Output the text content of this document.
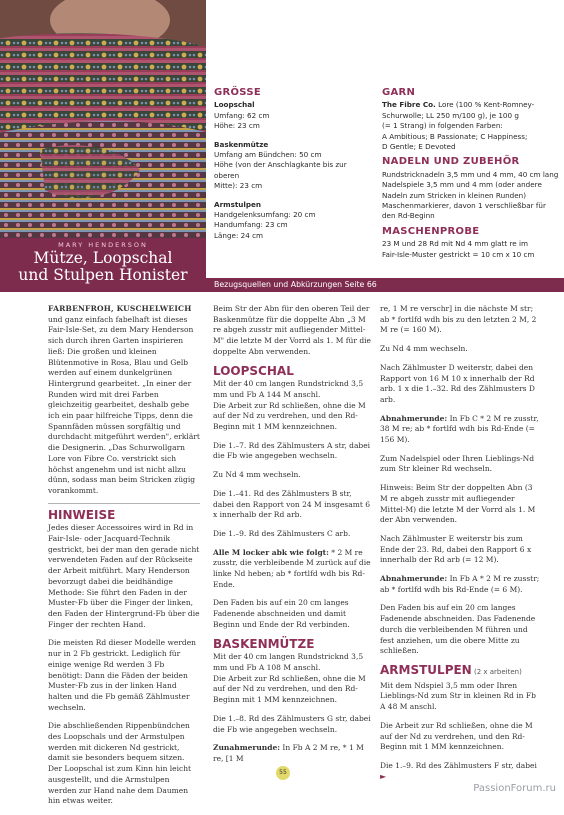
MARY HENDERSON
Mütze, Loopschal
und Stulpen Honister
GRÖSSE
Loopschal
Umfang: 62 cm
Höhe: 23 cm
Baskenmütze
Umfang am Bündchen: 50 cm
Höhe (von der Anschlagkante bis zur oberen
Mitte): 23 cm
Armstulpen
Handgelenksumfang: 20 cm
Handumfang: 23 cm
Länge: 24 cm
GARN
The Fibre Co. Lore (100 % Kent-Romney-
Schurwolle; LL 250 m/100 g), je 100 g
(= 1 Strang) in folgenden Farben:
A Ambitious; B Passionate; C Happiness;
D Gentle; E Devoted
NADELN UND ZUBEHÖR
Rundstricknadeln 3,5 mm und 4 mm, 40 cm lang
Nadelspiele 3,5 mm und 4 mm (oder andere
Nadeln zum Stricken in kleinen Runden)
Maschenmarkierer, davon 1 verschließbar für
den Rd-Beginn
MASCHENPROBE
23 M und 28 Rd mit Nd 4 mm glatt re im
Fair-Isle-Muster gestrickt = 10 cm x 10 cm
Bezugsquellen und Abkürzungen Seite 66
FARBENFROH, KUSCHELWEICH und ganz einfach fabelhaft ist dieses Fair-Isle-Set, zu dem Mary Henderson sich durch ihren Garten inspirieren ließ: Die großen und kleinen Blütenmotive in Rosa, Blau und Gelb werden auf einem dunkelgrünen Hintergrund gearbeitet. „In einer der Runden wird mit drei Farben gleichzeitig gearbeitet, deshalb gebe ich ein paar hilfreiche Tipps, denn die Spannfäden müssen sorgfältig und durchdacht mitgeführt werden", erklärt die Designerin. „Das Schurwollgarn Lore von Fibre Co. verstrickt sich höchst angenehm und ist nicht allzu dünn, sodass man beim Stricken zügig vorankommt.
HINWEISE
Jedes dieser Accessoires wird in Rd in Fair-Isle- oder Jacquard-Technik gestrickt, bei der man den gerade nicht verwendeten Faden auf der Rückseite der Arbeit mitführt. Mary Henderson bevorzugt dabei die beidhändige Methode: Sie führt den Faden in der Muster-Fb über die Finger der linken, den Faden der Hintergrund-Fb über die Finger der rechten Hand.
Die meisten Rd dieser Modelle werden nur in 2 Fb gestrickt. Lediglich für einige wenige Rd werden 3 Fb benötigt: Dann die Fäden der beiden Muster-Fb zus in der linken Hand halten und die Fb gemäß Zählmuster wechseln.
Die abschließenden Rippenbündchen des Loopschals und der Armstulpen werden mit dickeren Nd gestrickt, damit sie besonders bequem sitzen. Der Loopschal ist zum Kinn hin leicht ausgestellt, und die Armstulpen werden zur Hand nahe dem Daumen hin etwas weiter.
Beim Str der Abn für den oberen Teil der Baskenmütze für die doppelte Abn „3 M re abgeh zusstr mit aufliegender Mittel-M" die letzte M der Vorrd als 1. M für die doppelte Abn verwenden.
LOOPSCHAL
Mit der 40 cm langen Rundstricknd 3,5 mm und Fb A 144 M anschl.
Die Arbeit zur Rd schließen, ohne die M auf der Nd zu verdrehen, und den Rd-Beginn mit 1 MM kennzeichnen.
Die 1.–7. Rd des Zählmusters A str, dabei die Fb wie angegeben wechseln.
Zu Nd 4 mm wechseln.
Die 1.–41. Rd des Zählmusters B str, dabei den Rapport von 24 M insgesamt 6 x innerhalb der Rd arb.
Die 1.–9. Rd des Zählmusters C arb.
Alle M locker abk wie folgt: * 2 M re zusstr, die verbleibende M zurück auf die linke Nd heben; ab * fortlfd wdh bis Rd-Ende.
Den Faden bis auf ein 20 cm langes Fadenende abschneiden und damit Beginn und Ende der Rd verbinden.
BASKENMÜTZE
Mit der 40 cm langen Rundstricknd 3,5 mm und Fb A 108 M anschl.
Die Arbeit zur Rd schließen, ohne die M auf der Nd zu verdrehen, und den Rd-Beginn mit 1 MM kennzeichnen.
Die 1.–8. Rd des Zählmusters G str, dabei die Fb wie angegeben wechseln.
Zunahmerunde: In Fb A 2 M re, * 1 M re, [1 M
re, 1 M re verschr] in die nächste M str; ab * fortlfd wdh bis zu den letzten 2 M, 2 M re (= 160 M).
Zu Nd 4 mm wechseln.
Nach Zählmuster D weiterstr, dabei den Rapport von 16 M 10 x innerhalb der Rd arb. 1 x die 1.–32. Rd des Zählmusters D arb.
Abnahmerunde: In Fb C * 2 M re zusstr, 38 M re; ab * fortlfd wdh bis Rd-Ende (= 156 M).
Zum Nadelspiel oder Ihren Lieblings-Nd zum Str kleiner Rd wechseln.
Hinweis: Beim Str der doppelten Abn (3 M re abgeh zusstr mit aufliegender Mittel-M) die letzte M der Vorrd als 1. M der Abn verwenden.
Nach Zählmuster E weiterstr bis zum Ende der 23. Rd, dabei den Rapport 6 x innerhalb der Rd arb (= 12 M).
Abnahmerunde: In Fb A * 2 M re zusstr; ab * fortlfd wdh bis Rd-Ende (= 6 M).
Den Faden bis auf ein 20 cm langes Fadenende abschneiden. Das Fadenende durch die verbleibenden M führen und fest anziehen, um die obere Mitte zu schließen.
ARMSTULPEN (2 x arbeiten)
Mit dem Ndspiel 3,5 mm oder Ihren Lieblings-Nd zum Str in kleinen Rd in Fb A 48 M anschl.
Die Arbeit zur Rd schließen, ohne die M auf der Nd zu verdrehen, und den Rd-Beginn mit 1 MM kennzeichnen.
Die 1.–9. Rd des Zählmusters F str, dabei ►
55
PassionForum.ru
